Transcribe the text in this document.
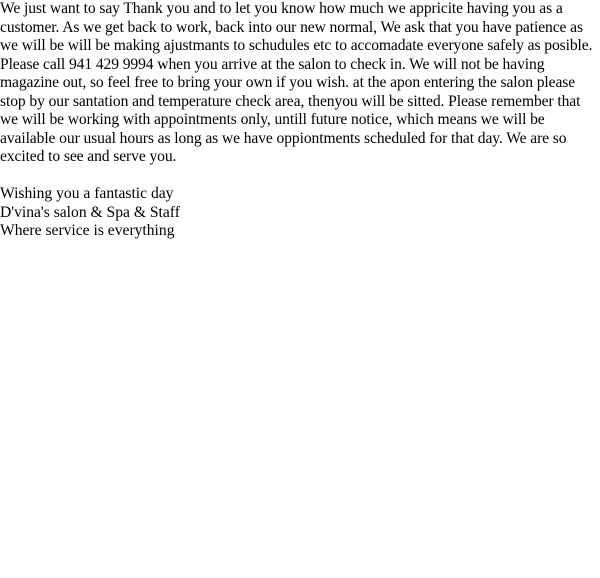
We just want to say Thank you and to let you know how much we appricite having you as a customer. As we get back to work, back into our new normal, We ask that you have patience as we will be will be making ajustmants to schudules etc to accomadate everyone safely as posible. Please call 941 429 9994 when you arrive at the salon to check in. We will not be having magazine out, so feel free to bring your own if you wish. at the apon entering the salon please stop by our santation and temperature check area, thenyou will be sitted. Please remember that we will be working with appointments only, untill future notice, which means we will be available our usual hours as long as we have oppiontments scheduled for that day. We are so excited to see and serve you.

Wishing you a fantastic day
D'vina's salon & Spa & Staff
Where service is everything
